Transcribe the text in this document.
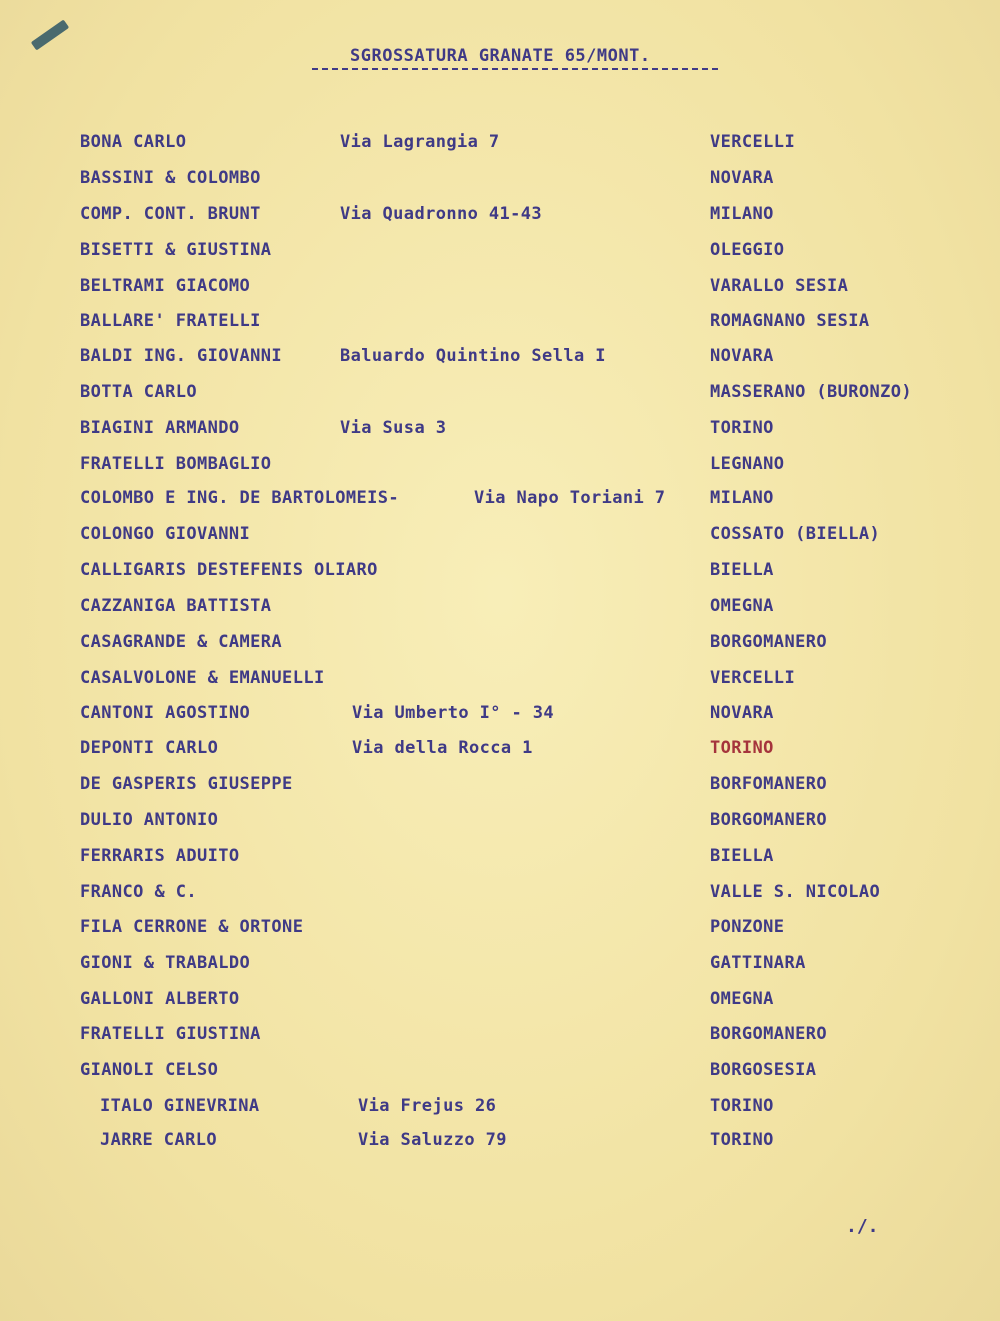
SGROSSATURA GRANATE 65/MONT.
BONA CARLO	Via Lagrangia 7	VERCELLI
BASSINI & COLOMBO	NOVARA
COMP. CONT. BRUNT	Via Quadronno 41-43	MILANO
BISETTI & GIUSTINA	OLEGGIO
BELTRAMI GIACOMO	VARALLO SESIA
BALLARE' FRATELLI	ROMAGNANO SESIA
BALDI ING. GIOVANNI	Baluardo Quintino Sella I	NOVARA
BOTTA CARLO	MASSERANO (BURONZO)
BIAGINI ARMANDO	Via Susa 3	TORINO
FRATELLI BOMBAGLIO	LEGNANO
COLOMBO E ING. DE BARTOLOMEIS-	Via Napo Toriani 7	MILANO
COLONGO GIOVANNI	COSSATO (BIELLA)
CALLIGARIS DESTEFENIS OLIARO	BIELLA
CAZZANIGA BATTISTA	OMEGNA
CASAGRANDE & CAMERA	BORGOMANERO
CASALVOLONE & EMANUELLI	VERCELLI
CANTONI AGOSTINO	Via Umberto I° - 34	NOVARA
DEPONTI CARLO	Via della Rocca 1	TORINO
DE GASPERIS GIUSEPPE	BORFOMANERO
DULIO ANTONIO	BORGOMANERO
FERRARIS ADUITO	BIELLA
FRANCO & C.	VALLE S. NICOLAO
FILA CERRONE & ORTONE	PONZONE
GIONI & TRABALDO	GATTINARA
GALLONI ALBERTO	OMEGNA
FRATELLI GIUSTINA	BORGOMANERO
GIANOLI CELSO	BORGOSESIA
ITALO GINEVRINA	Via Frejus 26	TORINO
JARRE CARLO	Via Saluzzo 79	TORINO
./.
